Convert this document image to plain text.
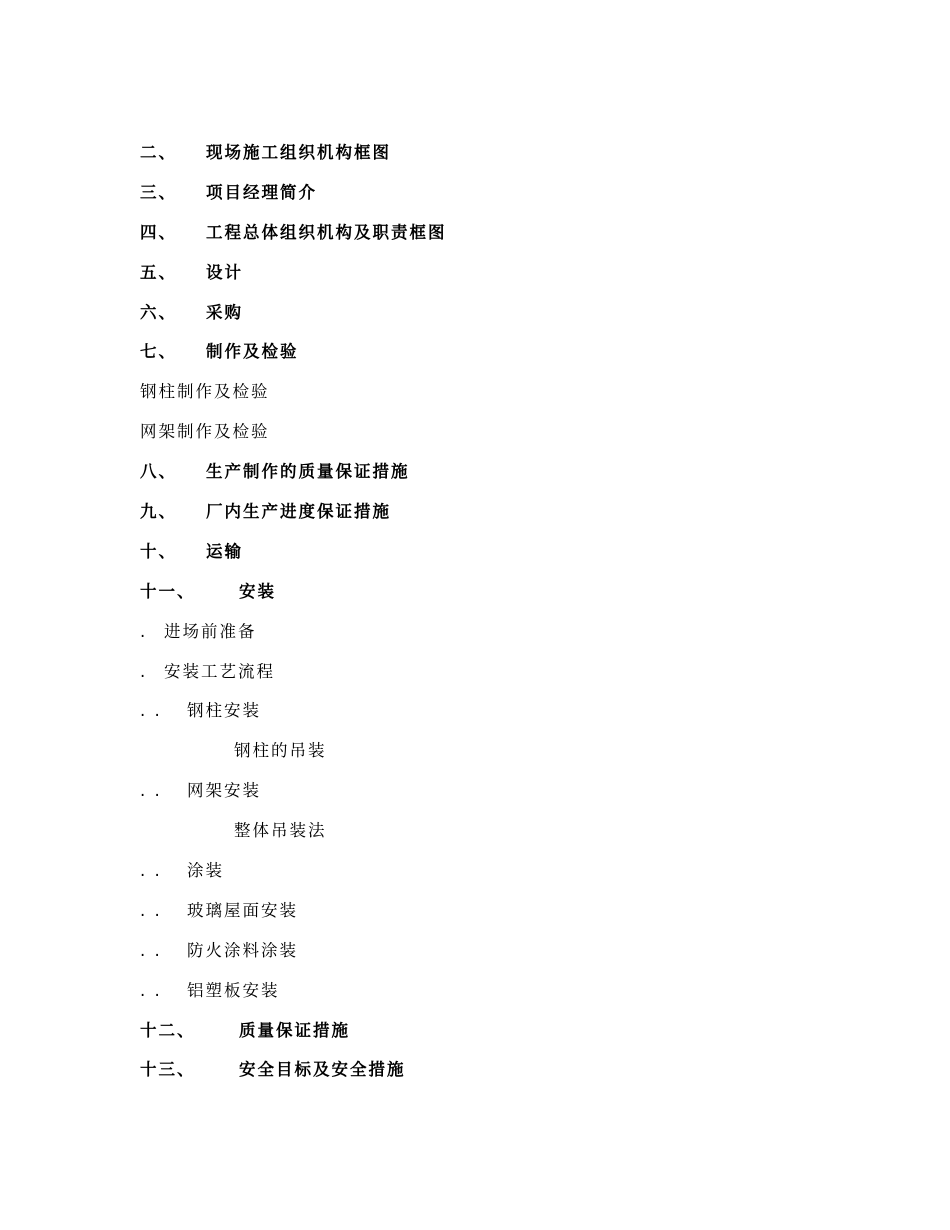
二、 现场施工组织机构框图
三、 项目经理简介
四、 工程总体组织机构及职责框图
五、 设计
六、 采购
七、 制作及检验
钢柱制作及检验
网架制作及检验
八、 生产制作的质量保证措施
九、 厂内生产进度保证措施
十、 运输
十一、	安装
. 进场前准备
. 安装工艺流程
. . 钢柱安装
钢柱的吊装
. . 网架安装
整体吊装法
. . 涂装
. . 玻璃屋面安装
. . 防火涂料涂装
. . 铝塑板安装
十二、	质量保证措施
十三、	安全目标及安全措施
